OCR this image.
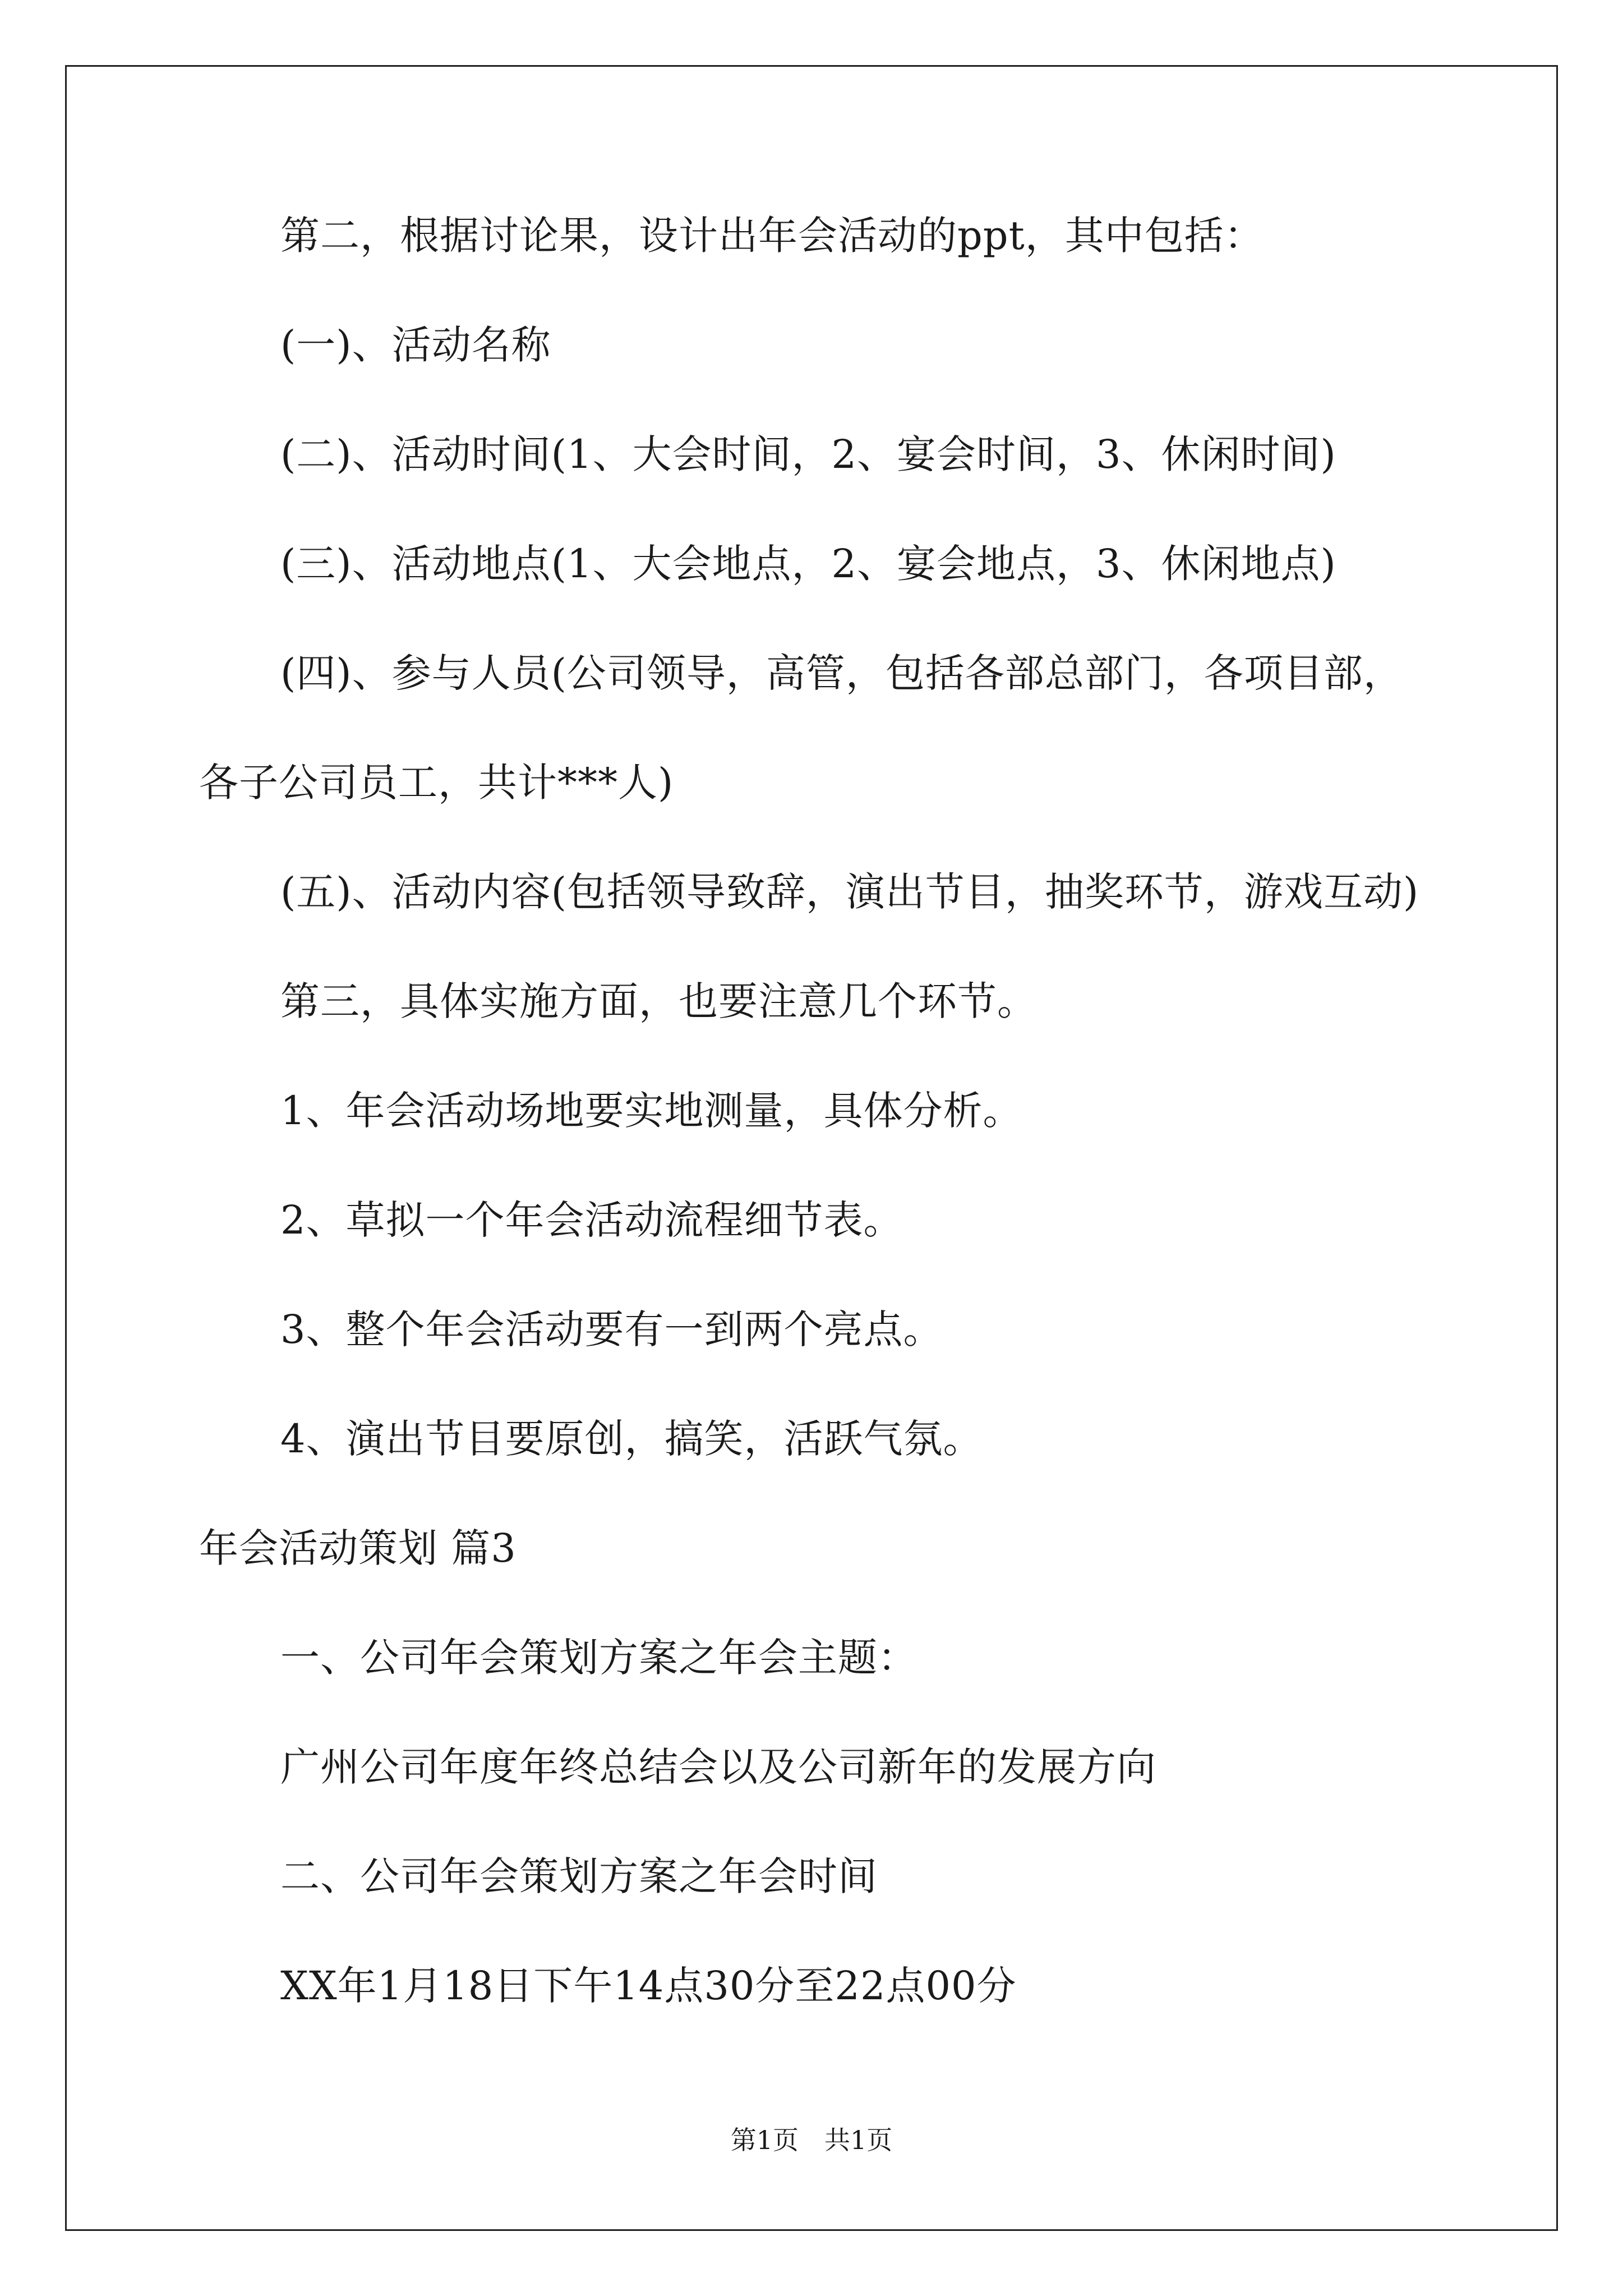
第二，根据讨论果，设计出年会活动的ppt，其中包括：
(一)、活动名称
(二)、活动时间(1、大会时间，2、宴会时间，3、休闲时间)
(三)、活动地点(1、大会地点，2、宴会地点，3、休闲地点)
(四)、参与人员(公司领导，高管，包括各部总部门，各项目部，
各子公司员工，共计***人)
(五)、活动内容(包括领导致辞，演出节目，抽奖环节，游戏互动)
第三，具体实施方面，也要注意几个环节。
1、年会活动场地要实地测量，具体分析。
2、草拟一个年会活动流程细节表。
3、整个年会活动要有一到两个亮点。
4、演出节目要原创，搞笑，活跃气氛。
年会活动策划 篇3
一、公司年会策划方案之年会主题：
广州公司年度年终总结会以及公司新年的发展方向
二、公司年会策划方案之年会时间
XX年1月18日下午14点30分至22点00分
第1页　共1页
